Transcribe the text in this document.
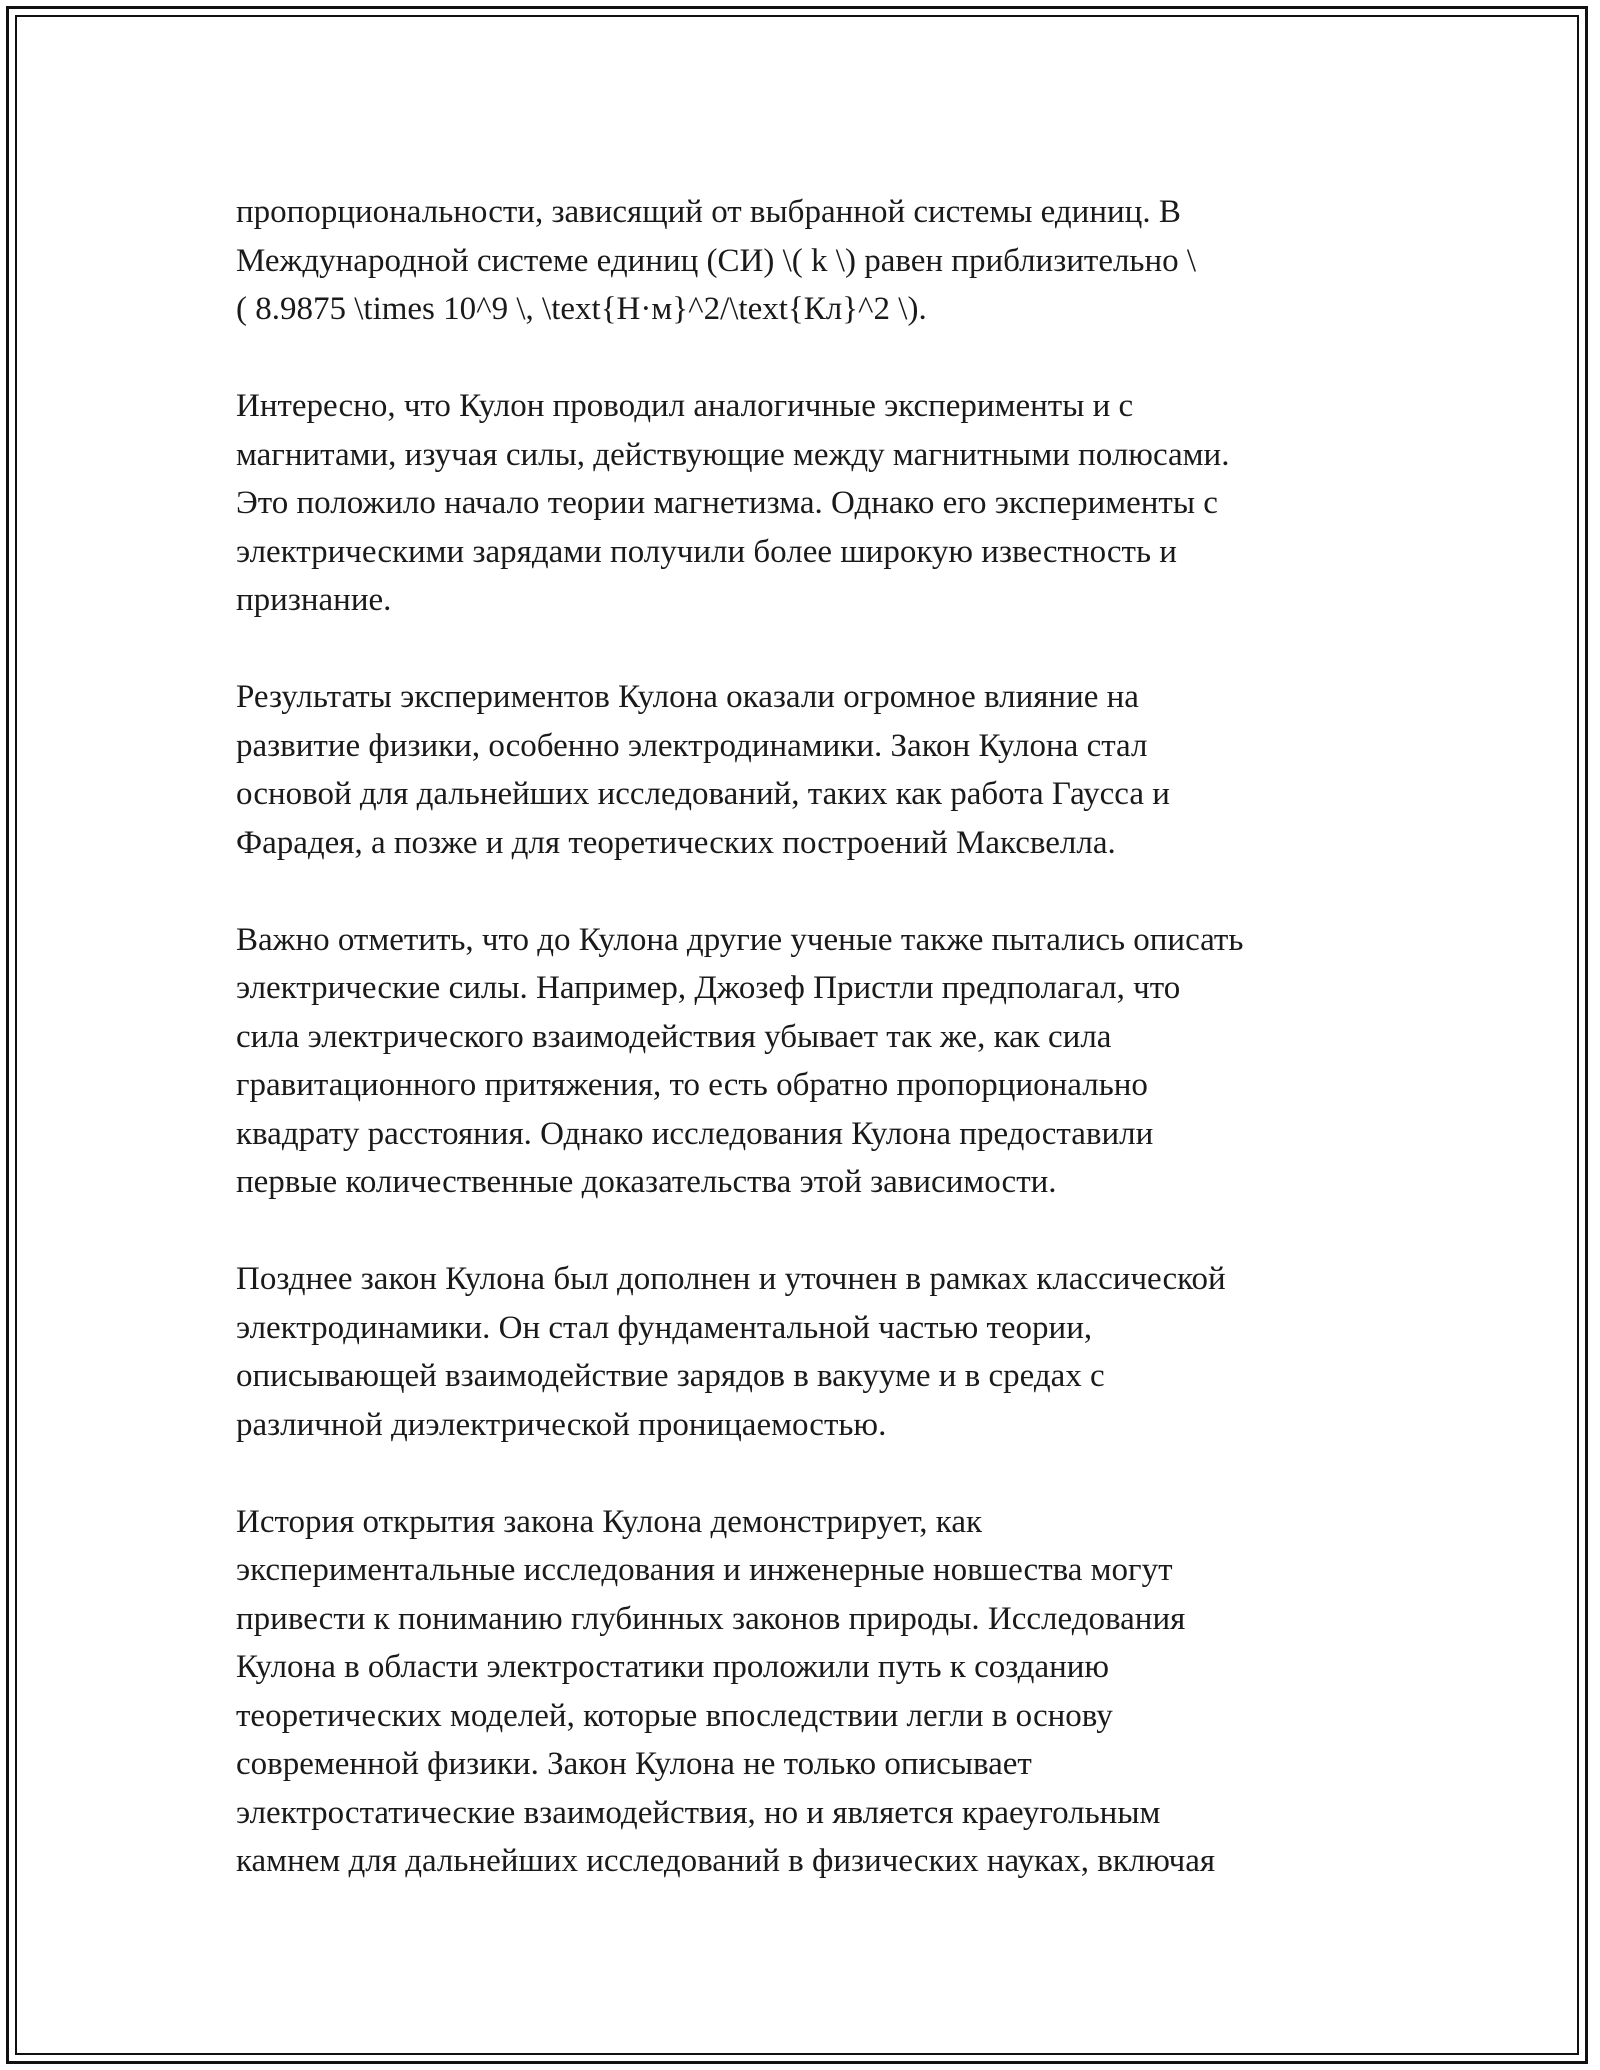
пропорциональности, зависящий от выбранной системы единиц. В
Международной системе единиц (СИ) \( k \) равен приблизительно \
( 8.9875 \times 10^9 \, \text{Н·м}^2/\text{Кл}^2 \).
Интересно, что Кулон проводил аналогичные эксперименты и с
магнитами, изучая силы, действующие между магнитными полюсами.
Это положило начало теории магнетизма. Однако его эксперименты с
электрическими зарядами получили более широкую известность и
признание.
Результаты экспериментов Кулона оказали огромное влияние на
развитие физики, особенно электродинамики. Закон Кулона стал
основой для дальнейших исследований, таких как работа Гаусса и
Фарадея, а позже и для теоретических построений Максвелла.
Важно отметить, что до Кулона другие ученые также пытались описать
электрические силы. Например, Джозеф Пристли предполагал, что
сила электрического взаимодействия убывает так же, как сила
гравитационного притяжения, то есть обратно пропорционально
квадрату расстояния. Однако исследования Кулона предоставили
первые количественные доказательства этой зависимости.
Позднее закон Кулона был дополнен и уточнен в рамках классической
электродинамики. Он стал фундаментальной частью теории,
описывающей взаимодействие зарядов в вакууме и в средах с
различной диэлектрической проницаемостью.
История открытия закона Кулона демонстрирует, как
экспериментальные исследования и инженерные новшества могут
привести к пониманию глубинных законов природы. Исследования
Кулона в области электростатики проложили путь к созданию
теоретических моделей, которые впоследствии легли в основу
современной физики. Закон Кулона не только описывает
электростатические взаимодействия, но и является краеугольным
камнем для дальнейших исследований в физических науках, включая
